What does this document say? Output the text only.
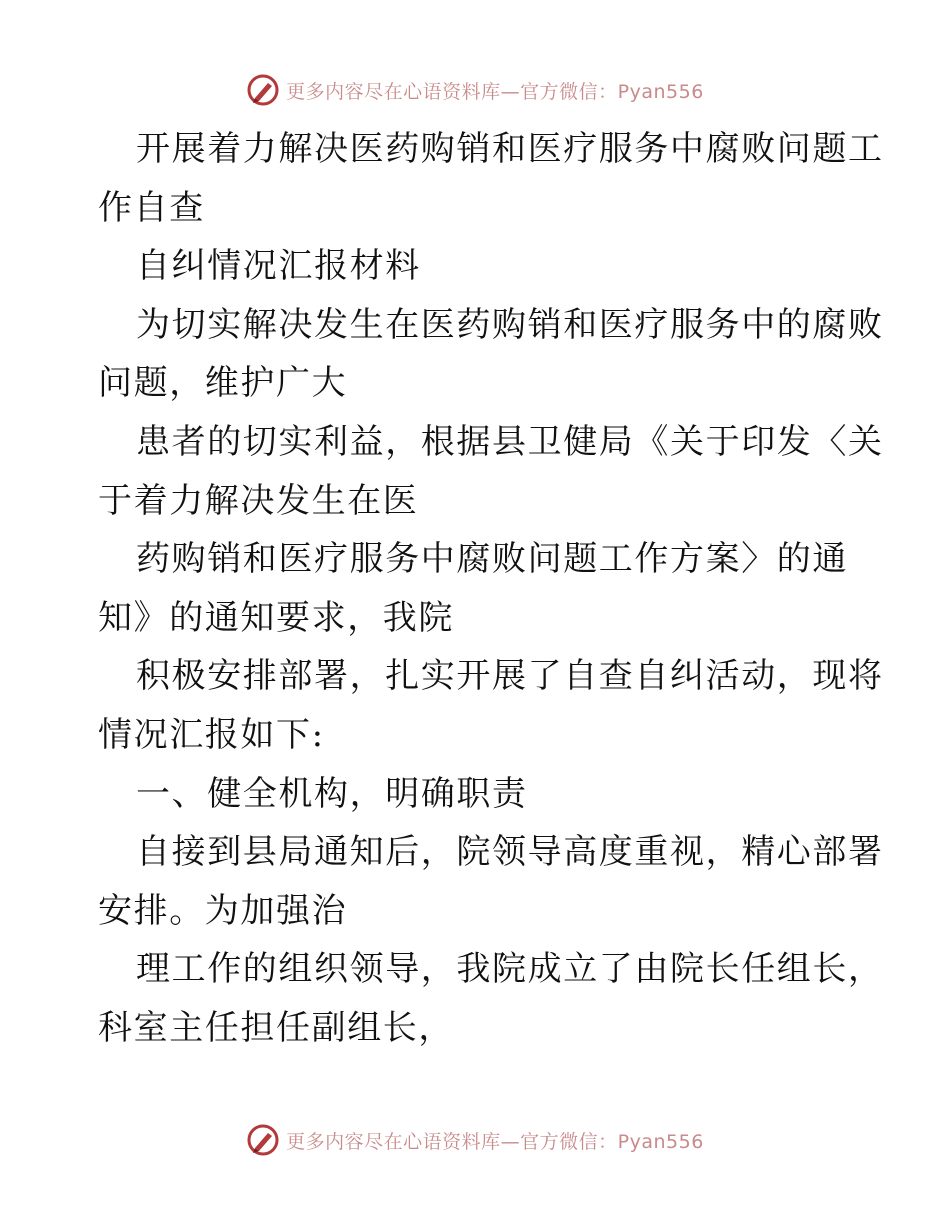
更多内容尽在心语资料库—官方微信：Pyan556
开展着力解决医药购销和医疗服务中腐败问题工
作自查
自纠情况汇报材料
为切实解决发生在医药购销和医疗服务中的腐败
问题，维护广大
患者的切实利益，根据县卫健局《关于印发〈关
于着力解决发生在医
药购销和医疗服务中腐败问题工作方案〉的通
知》的通知要求，我院
积极安排部署，扎实开展了自查自纠活动，现将
情况汇报如下:
一、健全机构，明确职责
自接到县局通知后，院领导高度重视，精心部署
安排。为加强治
理工作的组织领导，我院成立了由院长任组长，
科室主任担任副组长，
更多内容尽在心语资料库—官方微信：Pyan556
